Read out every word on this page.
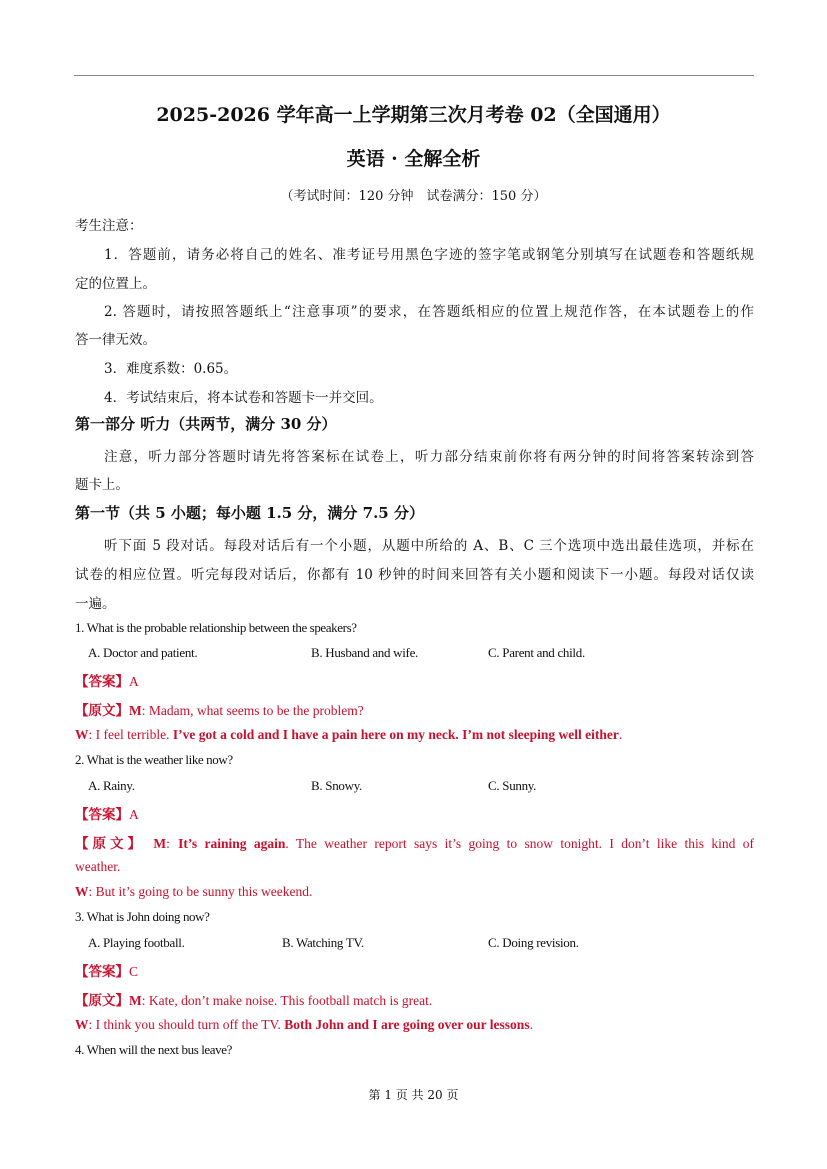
2025-2026 学年高一上学期第三次月考卷 02（全国通用）
英语 · 全解全析
（考试时间：120 分钟　试卷满分：150 分）
考生注意：
1．答题前，请务必将自己的姓名、准考证号用黑色字迹的签字笔或钢笔分别填写在试题卷和答题纸规
定的位置上。
2. 答题时，请按照答题纸上“注意事项”的要求，在答题纸相应的位置上规范作答，在本试题卷上的作
答一律无效。
3．难度系数：0.65。
4．考试结束后，将本试卷和答题卡一并交回。
第一部分 听力（共两节，满分 30 分）
注意，听力部分答题时请先将答案标在试卷上，听力部分结束前你将有两分钟的时间将答案转涂到答
题卡上。
第一节（共 5 小题；每小题 1.5 分，满分 7.5 分）
听下面 5 段对话。每段对话后有一个小题，从题中所给的 A、B、C 三个选项中选出最佳选项，并标在
试卷的相应位置。听完每段对话后，你都有 10 秒钟的时间来回答有关小题和阅读下一小题。每段对话仅读
一遍。
1. What is the probable relationship between the speakers?
A. Doctor and patient.	B. Husband and wife.	C. Parent and child.
【答案】A
【原文】M: Madam, what seems to be the problem?
W: I feel terrible. I’ve got a cold and I have a pain here on my neck. I’m not sleeping well either.
2. What is the weather like now?
A. Rainy.	B. Snowy.	C. Sunny.
【答案】A
【原文】 M: It’s raining again. The weather report says it’s going to snow tonight. I don’t like this kind of
weather.
W: But it’s going to be sunny this weekend.
3. What is John doing now?
A. Playing football.	B. Watching TV.	C. Doing revision.
【答案】C
【原文】M: Kate, don’t make noise. This football match is great.
W: I think you should turn off the TV. Both John and I are going over our lessons.
4. When will the next bus leave?
第 1 页 共 20 页
